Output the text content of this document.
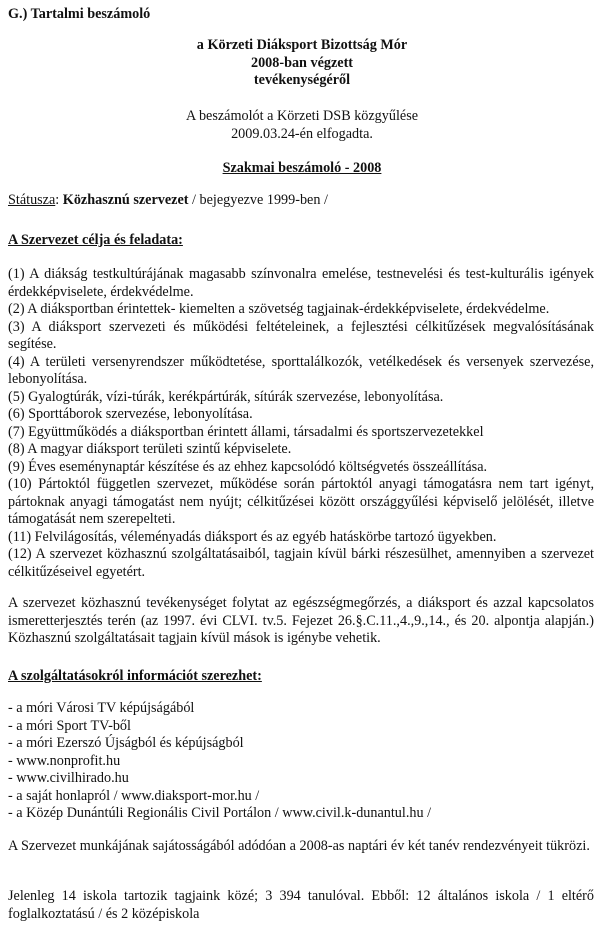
G.) Tartalmi beszámoló
a Körzeti Diáksport Bizottság Mór
2008-ban végzett
tevékenységéről
A beszámolót a Körzeti DSB közgyűlése
2009.03.24-én elfogadta.
Szakmai beszámoló - 2008
Státusza: Közhasznú szervezet / bejegyezve 1999-ben /
A Szervezet célja és feladata:

(1) A diákság testkultúrájának magasabb színvonalra emelése, testnevelési és test-kulturális igények érdekképviselete, érdekvédelme.

(2) A diáksportban érintettek- kiemelten a szövetség tagjainak-érdekképviselete, érdekvédelme.

(3) A diáksport szervezeti és működési feltételeinek, a fejlesztési célkitűzések megvalósításának segítése.

(4) A területi versenyrendszer működtetése, sporttalálkozók, vetélkedések és versenyek szervezése, lebonyolítása.

(5) Gyalogtúrák, vízi-túrák, kerékpártúrák, sítúrák szervezése, lebonyolítása.

(6) Sporttáborok szervezése, lebonyolítása.

(7) Együttműködés a diáksportban érintett állami, társadalmi és sportszervezetekkel

(8) A magyar diáksport területi szintű képviselete.

(9) Éves eseménynaptár készítése és az ehhez kapcsolódó költségvetés összeállítása.

(10) Pártoktól független szervezet, működése során pártoktól anyagi támogatásra nem tart igényt, pártoknak anyagi támogatást nem nyújt; célkitűzései között országgyűlési képviselő jelölését, illetve támogatását nem szerepelteti.

(11) Felvilágosítás, véleményadás diáksport és az egyéb hatáskörbe tartozó ügyekben.

(12) A szervezet közhasznú szolgáltatásaiból, tagjain kívül bárki részesülhet, amennyiben a szervezet célkitűzéseivel egyetért.

A szervezet közhasznú tevékenységet folytat az egészségmegőrzés, a diáksport és azzal kapcsolatos ismeretterjesztés terén (az 1997. évi CLVI. tv.5. Fejezet 26.§.C.11.,4.,9.,14., és 20. alpontja alapján.) Közhasznú szolgáltatásait tagjain kívül mások is igénybe vehetik.

A szolgáltatásokról információt szerezhet:

- a móri Városi TV képújságából

- a móri Sport TV-ből

- a móri Ezerszó Újságból és képújságból

- www.nonprofit.hu

- www.civilhirado.hu

- a saját honlapról / www.diaksport-mor.hu /

- a Közép Dunántúli Regionális Civil Portálon / www.civil.k-dunantul.hu /

A Szervezet munkájának sajátosságából adódóan a 2008-as naptári év két tanév rendezvényeit tükrözi.

Jelenleg 14 iskola tartozik tagjaink közé; 3 394 tanulóval. Ebből: 12 általános iskola / 1 eltérő foglalkoztatású / és 2 középiskola
